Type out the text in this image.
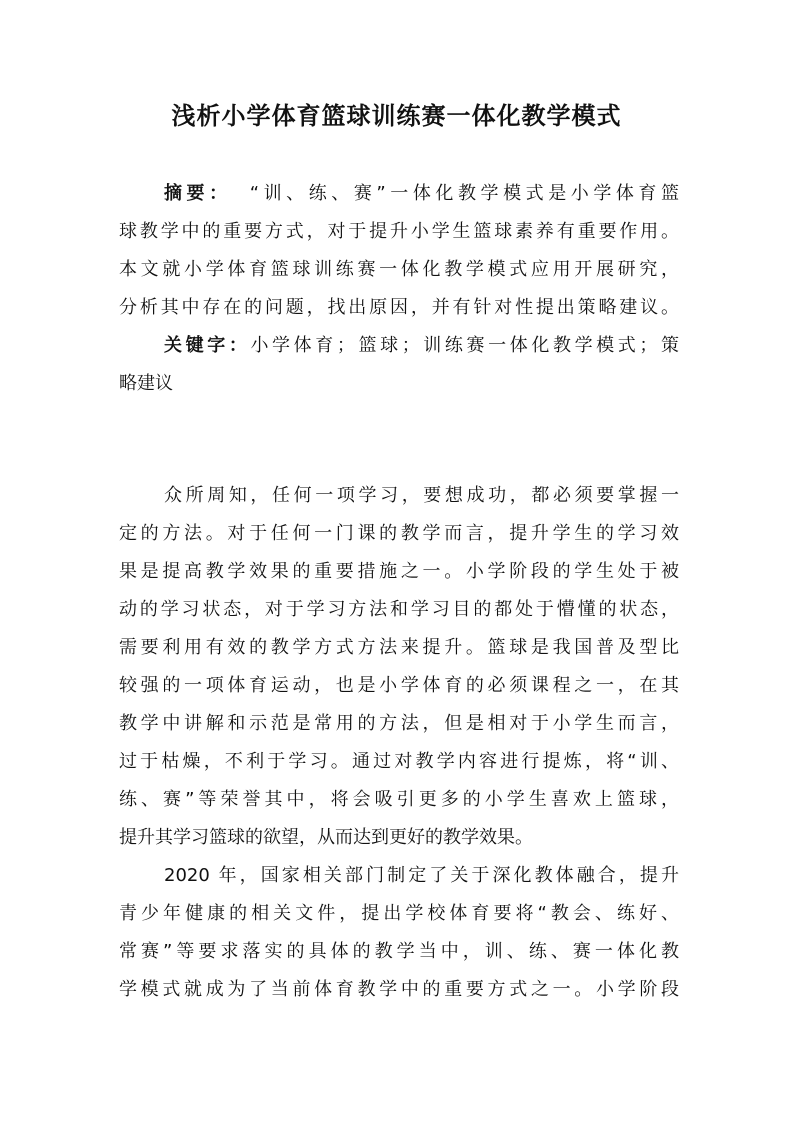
浅析小学体育篮球训练赛一体化教学模式
摘要： “训、练、赛”一体化教学模式是小学体育篮
球教学中的重要方式，对于提升小学生篮球素养有重要作用。
本文就小学体育篮球训练赛一体化教学模式应用开展研究，
分析其中存在的问题，找出原因，并有针对性提出策略建议。
关键字：小学体育；篮球；训练赛一体化教学模式；策
略建议
众所周知，任何一项学习，要想成功，都必须要掌握一
定的方法。对于任何一门课的教学而言，提升学生的学习效
果是提高教学效果的重要措施之一。小学阶段的学生处于被
动的学习状态，对于学习方法和学习目的都处于懵懂的状态，
需要利用有效的教学方式方法来提升。篮球是我国普及型比
较强的一项体育运动，也是小学体育的必须课程之一，在其
教学中讲解和示范是常用的方法，但是相对于小学生而言，
过于枯燥，不利于学习。通过对教学内容进行提炼，将“训、
练、赛”等荣誉其中，将会吸引更多的小学生喜欢上篮球，
提升其学习篮球的欲望，从而达到更好的教学效果。
2020 年，国家相关部门制定了关于深化教体融合，提升
青少年健康的相关文件，提出学校体育要将“教会、练好、
常赛”等要求落实的具体的教学当中，训、练、赛一体化教
学模式就成为了当前体育教学中的重要方式之一。小学阶段
